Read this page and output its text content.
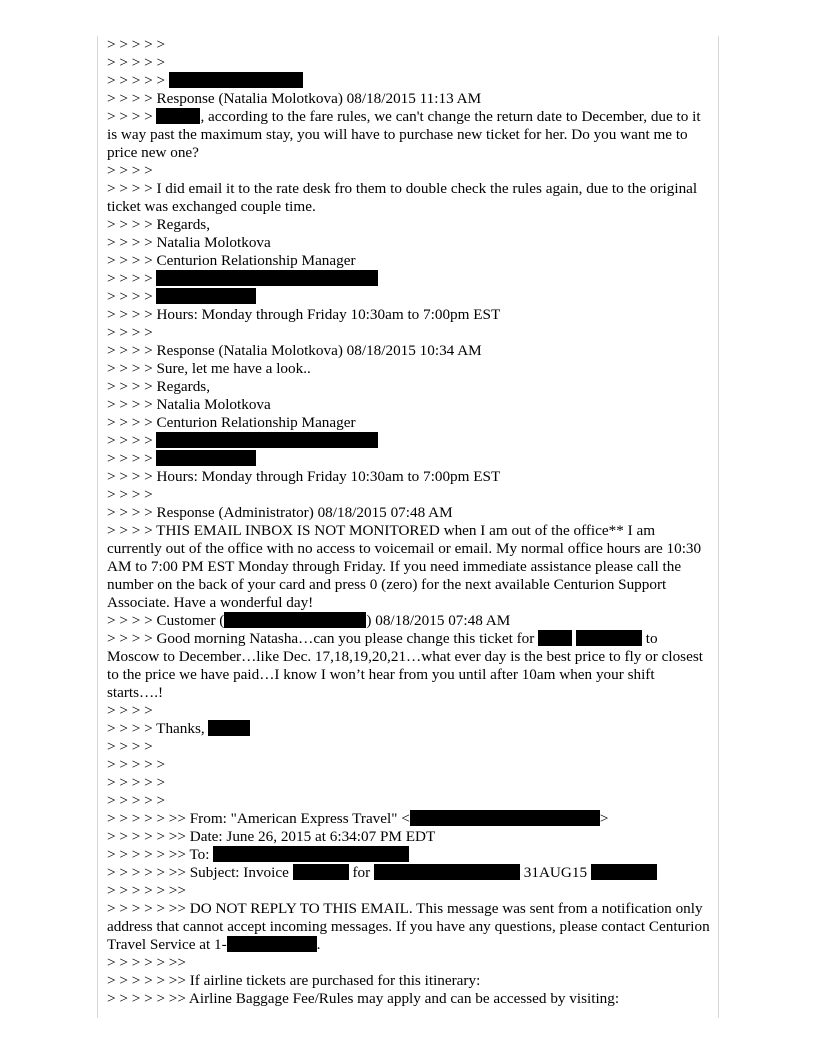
> > > > >

> > > > >

> > > > >

> > > > Response (Natalia Molotkova) 08/18/2015 11:13 AM

> > > >	, according to the fare rules, we can't change the return date to December, due to it is way past the maximum stay, you will have to purchase new ticket for her. Do you want me to price new one?

> > > >

> > > > I did email it to the rate desk fro them to double check the rules again, due to the original ticket was exchanged couple time.

> > > > Regards,

> > > > Natalia Molotkova

> > > > Centurion Relationship Manager

> > > >

> > > >

> > > > Hours: Monday through Friday 10:30am to 7:00pm EST

> > > >

> > > > Response (Natalia Molotkova) 08/18/2015 10:34 AM

> > > > Sure, let me have a look..

> > > > Regards,

> > > > Natalia Molotkova

> > > > Centurion Relationship Manager

> > > >

> > > >

> > > > Hours: Monday through Friday 10:30am to 7:00pm EST

> > > >

> > > > Response (Administrator) 08/18/2015 07:48 AM

> > > > THIS EMAIL INBOX IS NOT MONITORED when I am out of the office** I am currently out of the office with no access to voicemail or email. My normal office hours are 10:30 AM to 7:00 PM EST Monday through Friday. If you need immediate assistance please call the number on the back of your card and press 0 (zero) for the next available Centurion Support Associate. Have a wonderful day!

> > > > Customer (	) 08/18/2015 07:48 AM

> > > > Good morning Natasha…can you please change this ticket for	to Moscow to December…like Dec. 17,18,19,20,21…what ever day is the best price to fly or closest to the price we have paid…I know I won’t hear from you until after 10am when your shift starts….!

> > > >

> > > > Thanks,

> > > >

> > > > >

> > > > >

> > > > >

> > > > > >> From: "American Express Travel" <	>

> > > > > >> Date: June 26, 2015 at 6:34:07 PM EDT

> > > > > >> To:

> > > > > >> Subject: Invoice	for	31AUG15

> > > > > >>

> > > > > >> DO NOT REPLY TO THIS EMAIL. This message was sent from a notification only address that cannot accept incoming messages. If you have any questions, please contact Centurion Travel Service at 1-	.

> > > > > >>

> > > > > >> If airline tickets are purchased for this itinerary:

> > > > > >> Airline Baggage Fee/Rules may apply and can be accessed by visiting:
